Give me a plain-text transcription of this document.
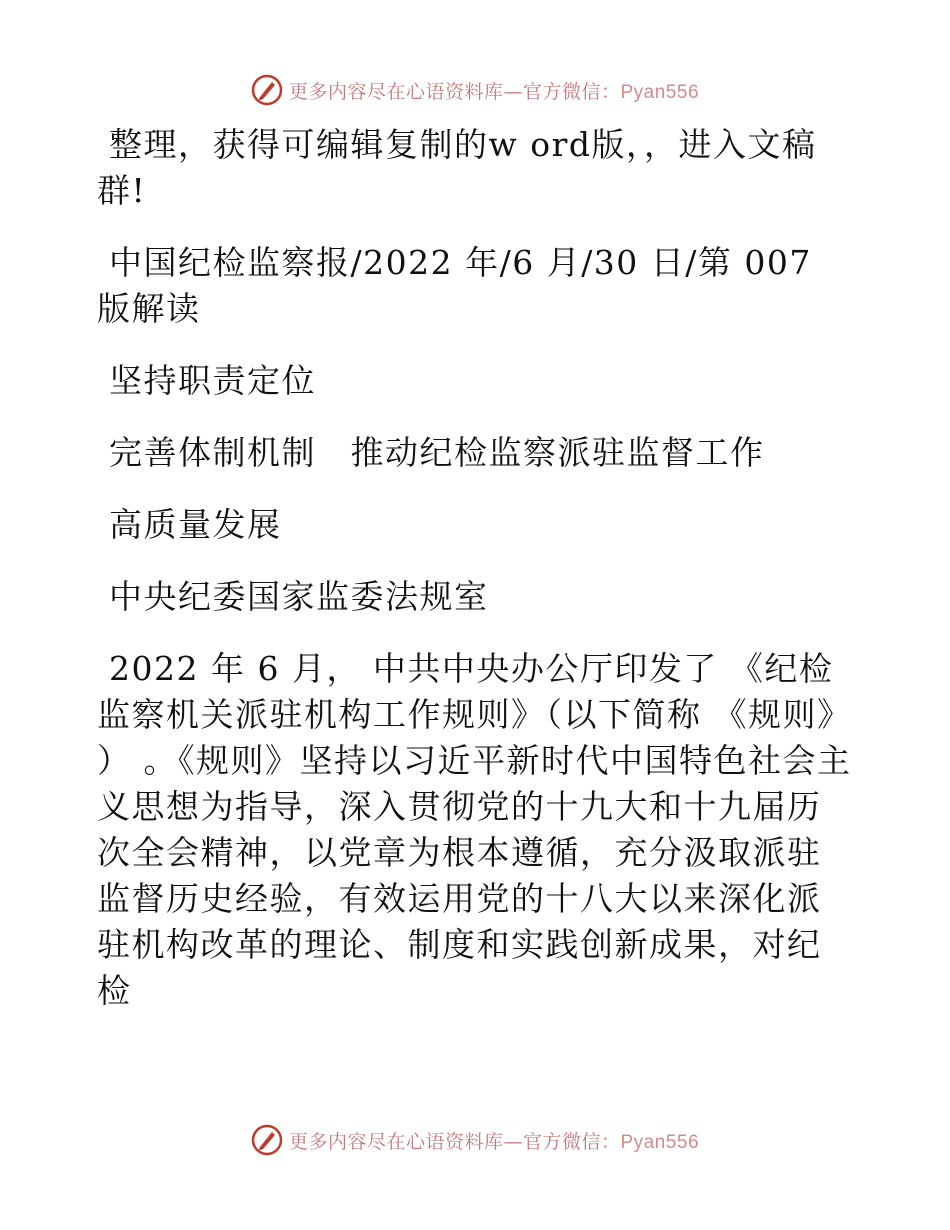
更多内容尽在心语资料库—官方微信：Pyan556
整理，获得可编辑复制的w ord版，，进入文稿群!
中国纪检监察报/2022 年/6 月/30 日/第 007 版解读
坚持职责定位
完善体制机制　推动纪检监察派驻监督工作
高质量发展
中央纪委国家监委法规室
2022 年 6 月， 中共中央办公厅印发了 《纪检监察机关派驻机构工作规则》（以下简称 《规则》 ） 。《规则》坚持以习近平新时代中国特色社会主义思想为指导，深入贯彻党的十九大和十九届历次全会精神，以党章为根本遵循，充分汲取派驻监督历史经验，有效运用党的十八大以来深化派驻机构改革的理论、制度和实践创新成果，对纪检
更多内容尽在心语资料库—官方微信：Pyan556
